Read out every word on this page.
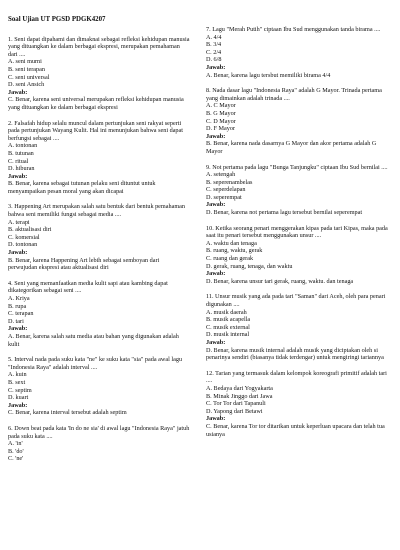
Soal Ujian UT PGSD PDGK4207
1. Seni dapat dipahami dan dimaknai sebagai refleksi kehidupan manusia yang dituangkan ke dalam berbagai ekspresi, merupakan pemahaman dari ....
A. seni murni
B. seni terapan
C. seni universal
D. seni Ansich
Jawab:
C. Benar, karena seni universal merupakan refleksi kehidupan manusia yang dituangkan ke dalam berbagai ekspresi
2. Falsafah hidup selalu muncul dalam pertunjukan seni rakyat seperti pada pertunjukan Wayang Kulit. Hal ini menunjukan bahwa seni dapat berfungsi sebagai ....
A. tontonan
B. tutunan
C. ritual
D. hiburan
Jawab:
B. Benar, karena sebagai tutunan pelaku seni dituntut untuk menyampaikan pesan moral yang akan dicapai
3. Happening Art merupakan salah satu bentuk dari bentuk pemahaman bahwa seni memiliki fungsi sebagai media ....
A. terapi
B. aktualisasi diri
C. komersial
D. tontonan
Jawab:
B. Benar, karena Happening Art lebih sebagai semboyan dari perwujudan ekspresi atau aktualisasi diri
4. Seni yang memanfaatkan media kulit sapi atau kambing dapat dikategorikan sebagai seni ....
A. Kriya
B. rupa
C. terapan
D. tari
Jawab:
A. Benar, karena salah satu media atau bahan yang digunakan adalah kulit
5. Interval nada pada suku kata "ne" ke suku kata "sia" pada awal lagu "Indonesia Raya" adalah interval ....
A. kuin
B. sext
C. septim
D. kuart
Jawab:
C. Benar, karena interval tersebut adalah septim
6. Down beat pada kata 'In do ne sia' di awal lagu "Indonesia Raya" jatuh pada suku kata ....
A. 'in'
B. 'do'
C. 'ne'
7. Lagu "Merah Putih" ciptaan Ibu Sud menggunakan tanda birama ....
A. 4/4
B. 3/4
C. 2/4
D. 6/8
Jawab:
A. Benar, karena lagu tersbut memiliki birama 4/4
8. Nada dasar lagu "Indonesia Raya" adalah G Mayor. Trinada pertama yang dimainkan adalah trinada ....
A. C Mayor
B. G Mayor
C. D Mayor
D. F Mayor
Jawab:
B. Benar, karena nada dasarnya G Mayor dan akor pertama adalah G Mayor
9. Not pertama pada lagu "Bunga Tanjungku" ciptaan Ibu Sud bernilai ....
A. setengah
B. seperenambelas
C. seperdelapan
D. seperempat
Jawab:
D. Benar, karena not pertama lagu tersebut bernilai seperempat
10. Ketika seorang penari menggerakan kipas pada tari Kipas, maka pada saat itu penari tersebut menggunakan unsur ....
A. waktu dan tenaga
B. ruang, waktu, gerak
C. ruang dan gerak
D. gerak, ruang, tenaga, dan waktu
Jawab:
D. Benar, karena unsur tari gerak, ruang, waktu. dan tenaga
11. Unsur musik yang ada pada tari "Saman" dari Aceh, oleh para penari digunakan ....
A. musik daerah
B. musik acapella
C. musik external
D. musik internal
Jawab:
D. Benar, karena musik internal adalah musik yang diciptakan oleh si penarinya sendiri (biasanya tidak terdengar) untuk mengiringi tariannya
12. Tarian yang termasuk dalam kelompok koreografi primitif adalah tari ....
A. Bedaya dari Yogyakarta
B. Minak Jinggo dari Jawa
C. Tor Tor dari Tapanuli
D. Yapong dari Betawi
Jawab:
C. Benar, karena Tor tor ditarikan untuk keperluan upacara dan telah tua usianya
